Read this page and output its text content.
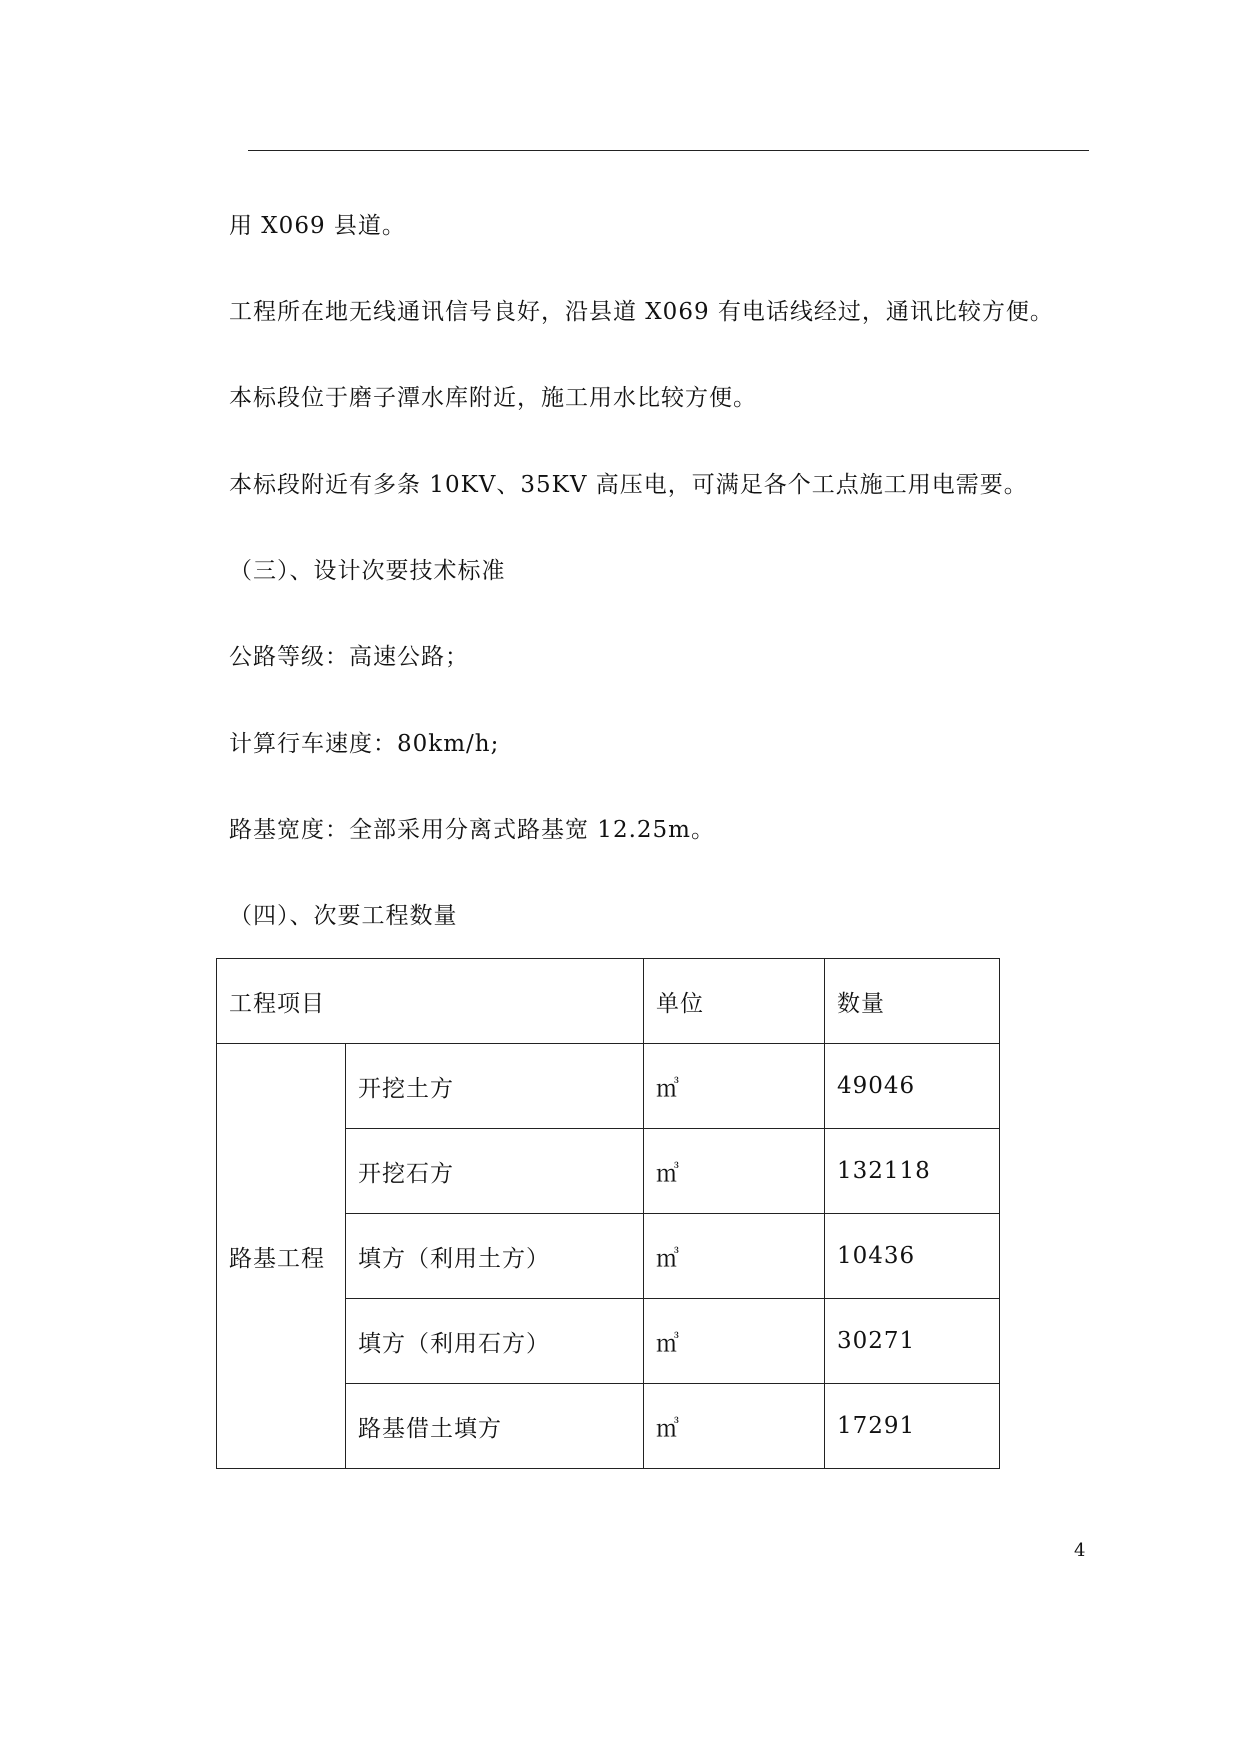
用 X069 县道。
工程所在地无线通讯信号良好，沿县道 X069 有电话线经过，通讯比较方便。
本标段位于磨子潭水库附近，施工用水比较方便。
本标段附近有多条 10KV、35KV 高压电，可满足各个工点施工用电需要。
（三）、设计次要技术标准
公路等级：高速公路；
计算行车速度：80km/h;
路基宽度：全部采用分离式路基宽 12.25m。
（四）、次要工程数量
工程项目		单位	数量
路基工程	开挖土方	㎥	49046
	开挖石方	㎥	132118
	填方（利用土方）	㎥	10436
	填方（利用石方）	㎥	30271
	路基借土填方	㎥	17291
4
